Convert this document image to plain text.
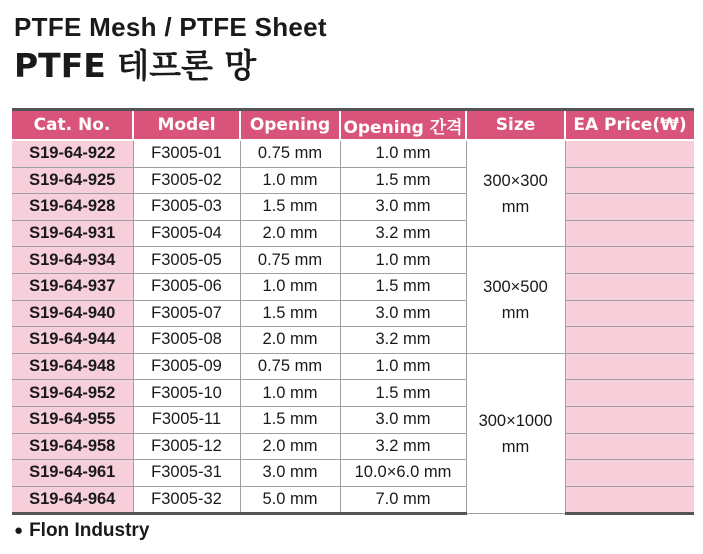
PTFE Mesh / PTFE Sheet
PTFE 테프론 망
Cat. No.	Model	Opening	Opening 간격	Size	EA Price(₩)
S19-64-922	F3005-01	0.75 mm	1.0 mm	300×300
mm	

S19-64-925	F3005-02	1.0 mm	1.5 mm		
S19-64-928	F3005-03	1.5 mm	3.0 mm		
S19-64-931	F3005-04	2.0 mm	3.2 mm		
S19-64-934	F3005-05	0.75 mm	1.0 mm	300×500
mm	

S19-64-937	F3005-06	1.0 mm	1.5 mm		
S19-64-940	F3005-07	1.5 mm	3.0 mm		
S19-64-944	F3005-08	2.0 mm	3.2 mm		
S19-64-948	F3005-09	0.75 mm	1.0 mm	300×1000
mm	

S19-64-952	F3005-10	1.0 mm	1.5 mm		
S19-64-955	F3005-11	1.5 mm	3.0 mm		
S19-64-958	F3005-12	2.0 mm	3.2 mm		
S19-64-961	F3005-31	3.0 mm	10.0×6.0 mm		
S19-64-964	F3005-32	5.0 mm	7.0 mm		
● Flon Industry
